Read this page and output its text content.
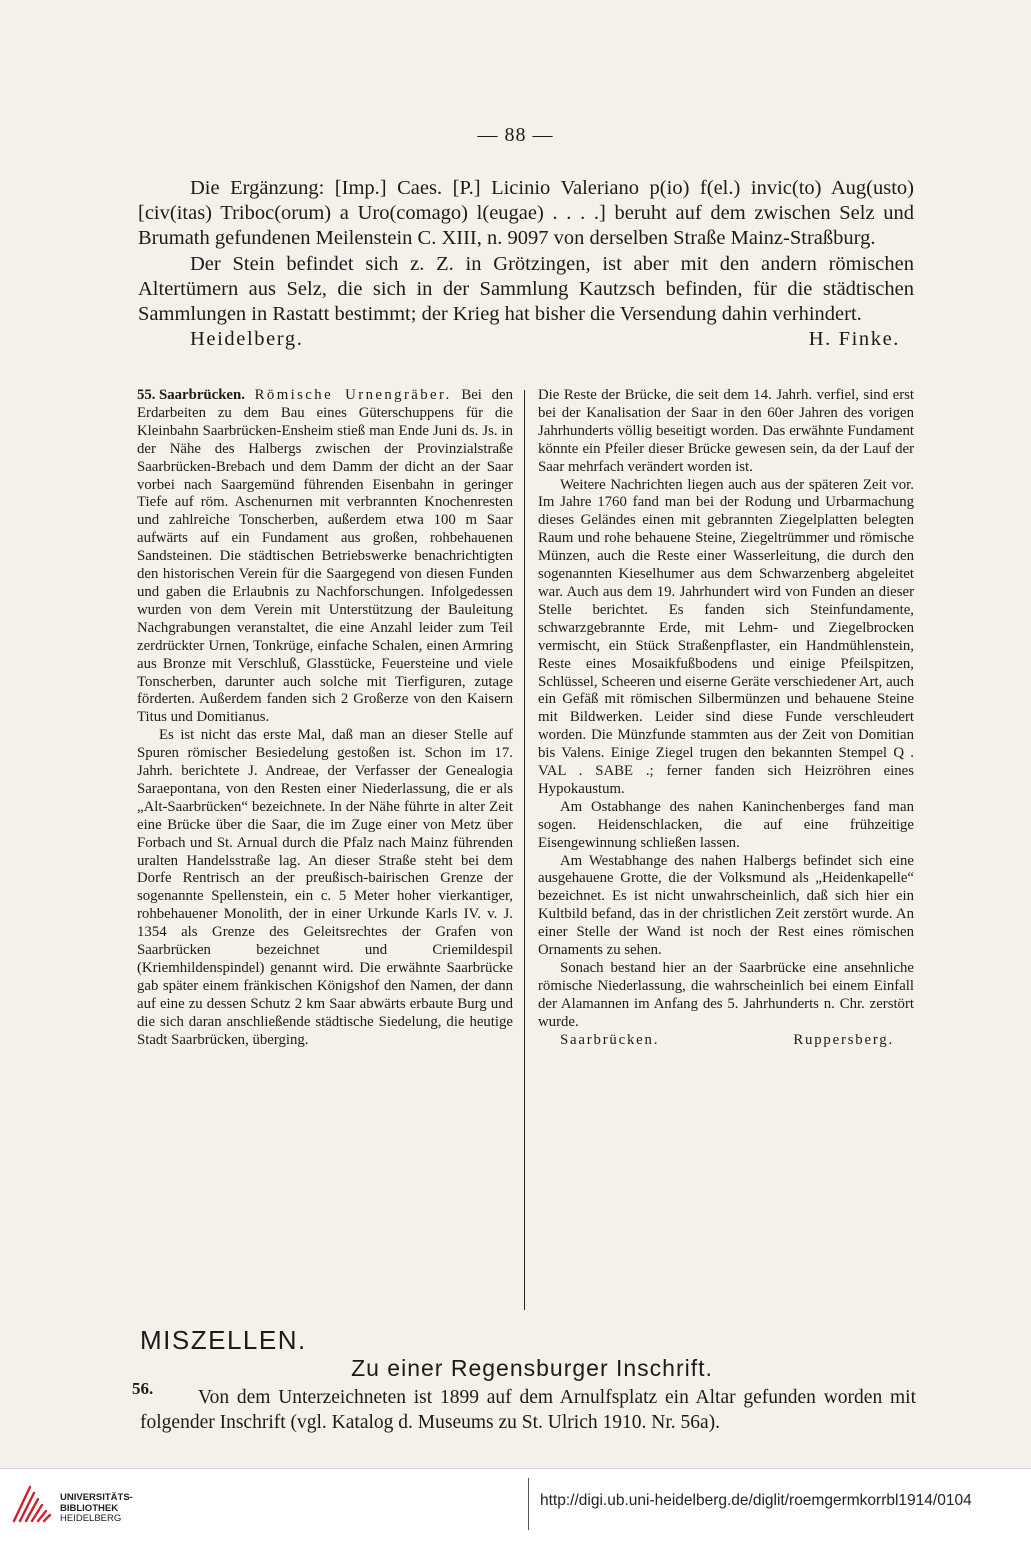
— 88 —

Die Ergänzung: [Imp.] Caes. [P.] Licinio Valeriano p(io) f(el.) invic(to) Aug(usto) [civ(itas) Triboc(orum) a Uro(comago) l(eugae) . . . .] beruht auf dem zwischen Selz und Brumath gefundenen Meilenstein C. XIII, n. 9097 von derselben Straße Mainz-Straßburg.

Der Stein befindet sich z. Z. in Grötzingen, ist aber mit den andern römischen Altertümern aus Selz, die sich in der Sammlung Kautzsch befinden, für die städtischen Sammlungen in Rastatt bestimmt; der Krieg hat bisher die Versendung dahin verhindert.

Heidelberg.	H. Finke.

55. Saarbrücken. Römische Urnengräber. Bei den Erdarbeiten zu dem Bau eines Güterschuppens für die Kleinbahn Saarbrücken-Ensheim stieß man Ende Juni ds. Js. in der Nähe des Halbergs zwischen der Provinzialstraße Saarbrücken-Brebach und dem Damm der dicht an der Saar vorbei nach Saargemünd führenden Eisenbahn in geringer Tiefe auf röm. Aschenurnen mit verbrannten Knochenresten und zahlreiche Tonscherben, außerdem etwa 100 m Saar aufwärts auf ein Fundament aus großen, rohbehauenen Sandsteinen. Die städtischen Betriebswerke benachrichtigten den historischen Verein für die Saargegend von diesen Funden und gaben die Erlaubnis zu Nachforschungen. Infolgedessen wurden von dem Verein mit Unterstützung der Bauleitung Nachgrabungen veranstaltet, die eine Anzahl leider zum Teil zerdrückter Urnen, Tonkrüge, einfache Schalen, einen Armring aus Bronze mit Verschluß, Glasstücke, Feuersteine und viele Tonscherben, darunter auch solche mit Tierfiguren, zutage förderten. Außerdem fanden sich 2 Großerze von den Kaisern Titus und Domitianus.

Es ist nicht das erste Mal, daß man an dieser Stelle auf Spuren römischer Besiedelung gestoßen ist. Schon im 17. Jahrh. berichtete J. Andreae, der Verfasser der Genealogia Saraepontana, von den Resten einer Niederlassung, die er als „Alt-Saarbrücken“ bezeichnete. In der Nähe führte in alter Zeit eine Brücke über die Saar, die im Zuge einer von Metz über Forbach und St. Arnual durch die Pfalz nach Mainz führenden uralten Handelsstraße lag. An dieser Straße steht bei dem Dorfe Rentrisch an der preußisch-bairischen Grenze der sogenannte Spellenstein, ein c. 5 Meter hoher vierkantiger, rohbehauener Monolith, der in einer Urkunde Karls IV. v. J. 1354 als Grenze des Geleitsrechtes der Grafen von Saarbrücken bezeichnet und Criemildespil (Kriemhildenspindel) genannt wird. Die erwähnte Saarbrücke gab später einem fränkischen Königshof den Namen, der dann auf eine zu dessen Schutz 2 km Saar abwärts erbaute Burg und die sich daran anschließende städtische Siedelung, die heutige Stadt Saarbrücken, überging.

Die Reste der Brücke, die seit dem 14. Jahrh. verfiel, sind erst bei der Kanalisation der Saar in den 60er Jahren des vorigen Jahrhunderts völlig beseitigt worden. Das erwähnte Fundament könnte ein Pfeiler dieser Brücke gewesen sein, da der Lauf der Saar mehrfach verändert worden ist.

Weitere Nachrichten liegen auch aus der späteren Zeit vor. Im Jahre 1760 fand man bei der Rodung und Urbarmachung dieses Geländes einen mit gebrannten Ziegelplatten belegten Raum und rohe behauene Steine, Ziegeltrümmer und römische Münzen, auch die Reste einer Wasserleitung, die durch den sogenannten Kieselhumer aus dem Schwarzenberg abgeleitet war. Auch aus dem 19. Jahrhundert wird von Funden an dieser Stelle berichtet. Es fanden sich Steinfundamente, schwarzgebrannte Erde, mit Lehm- und Ziegelbrocken vermischt, ein Stück Straßenpflaster, ein Handmühlenstein, Reste eines Mosaikfußbodens und einige Pfeilspitzen, Schlüssel, Scheeren und eiserne Geräte verschiedener Art, auch ein Gefäß mit römischen Silbermünzen und behauene Steine mit Bildwerken. Leider sind diese Funde verschleudert worden. Die Münzfunde stammten aus der Zeit von Domitian bis Valens. Einige Ziegel trugen den bekannten Stempel Q . VAL . SABE .; ferner fanden sich Heizröhren eines Hypokaustum.

Am Ostabhange des nahen Kaninchenberges fand man sogen. Heidenschlacken, die auf eine frühzeitige Eisengewinnung schließen lassen.

Am Westabhange des nahen Halbergs befindet sich eine ausgehauene Grotte, die der Volksmund als „Heidenkapelle“ bezeichnet. Es ist nicht unwahrscheinlich, daß sich hier ein Kultbild befand, das in der christlichen Zeit zerstört wurde. An einer Stelle der Wand ist noch der Rest eines römischen Ornaments zu sehen.

Sonach bestand hier an der Saarbrücke eine ansehnliche römische Niederlassung, die wahrscheinlich bei einem Einfall der Alamannen im Anfang des 5. Jahrhunderts n. Chr. zerstört wurde.

Saarbrücken.	Ruppersberg.
MISZELLEN.
Zu einer Regensburger Inschrift.
56.	Von dem Unterzeichneten ist 1899 auf dem Arnulfsplatz ein Altar gefunden worden mit folgender Inschrift (vgl. Katalog d. Museums zu St. Ulrich 1910. Nr. 56a).

UNIVERSITÄTS-
BIBLIOTHEK
HEIDELBERG
http://digi.ub.uni-heidelberg.de/diglit/roemgermkorrbl1914/0104
